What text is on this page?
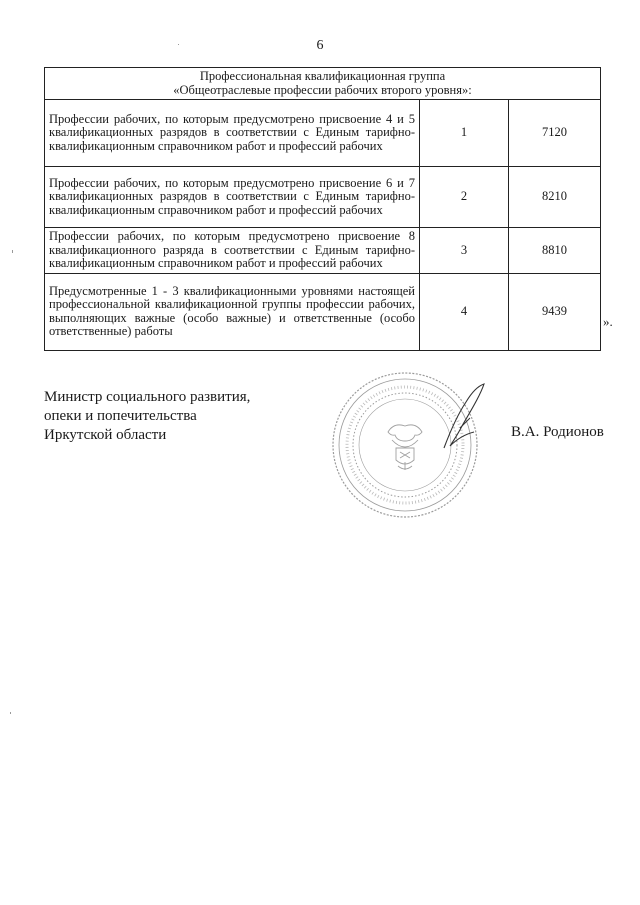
6
Профессиональная квалификационная группа
«Общеотраслевые профессии рабочих второго уровня»:		

Профессии рабочих, по которым предусмотрено присвоение 4 и 5 квалификационных разрядов в соответствии с Единым тарифно-квалификационным справочником работ и профессий рабочих	1	7120
Профессии рабочих, по которым предусмотрено присвоение 6 и 7 квалификационных разрядов в соответствии с Единым тарифно-квалификационным справочником работ и профессий рабочих	2	8210
Профессии рабочих, по которым предусмотрено присвоение 8 квалификационного разряда в соответствии с Единым тарифно-квалификационным справочником работ и профессий рабочих	3	8810
Предусмотренные 1 - 3 квалификационными уровнями настоящей профессиональной квалификационной группы профессии рабочих, выполняющих важные (особо важные) и ответственные (особо ответственные) работы	4	9439
».
Министр социального развития,
опеки и попечительства
Иркутской области	В.А. Родионов
